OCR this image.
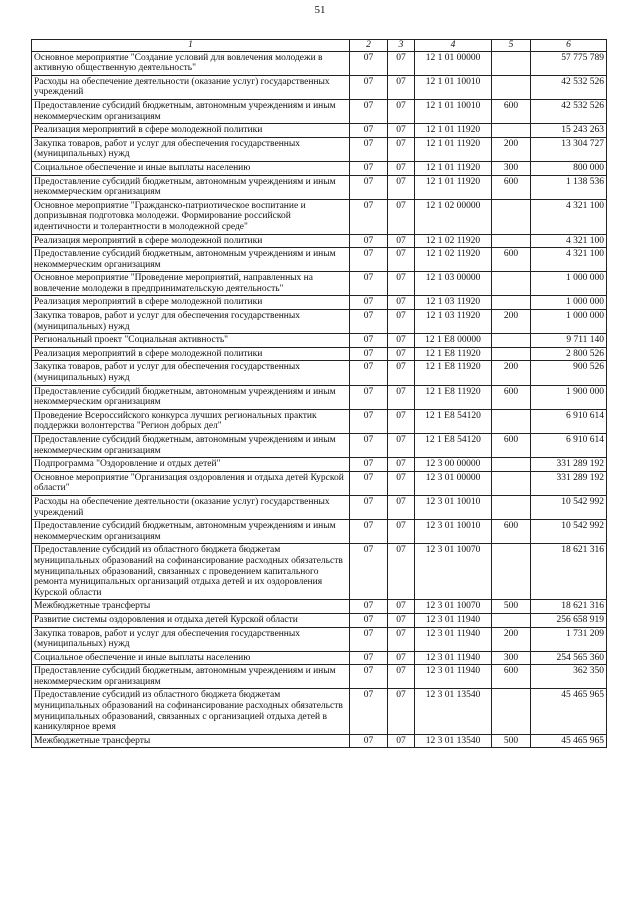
51
1	2	3	4	5	6
Основное мероприятие "Создание условий для вовлечения молодежи в активную общественную деятельность"	07	07	12 1 01 00000		57 775 789
Расходы на обеспечение деятельности (оказание услуг) государственных учреждений	07	07	12 1 01 10010		42 532 526
Предоставление субсидий бюджетным, автономным учреждениям и иным некоммерческим организациям	07	07	12 1 01 10010	600	42 532 526
Реализация мероприятий в сфере молодежной политики	07	07	12 1 01 11920		15 243 263
Закупка товаров, работ и услуг для обеспечения государственных (муниципальных) нужд	07	07	12 1 01 11920	200	13 304 727
Социальное обеспечение и иные выплаты населению	07	07	12 1 01 11920	300	800 000
Предоставление субсидий бюджетным, автономным учреждениям и иным некоммерческим организациям	07	07	12 1 01 11920	600	1 138 536
Основное мероприятие "Гражданско-патриотическое воспитание и допризывная подготовка молодежи. Формирование российской идентичности и толерантности в молодежной среде"	07	07	12 1 02 00000		4 321 100
Реализация мероприятий в сфере молодежной политики	07	07	12 1 02 11920		4 321 100
Предоставление субсидий бюджетным, автономным учреждениям и иным некоммерческим организациям	07	07	12 1 02 11920	600	4 321 100
Основное мероприятие "Проведение мероприятий, направленных на вовлечение молодежи в предпринимательскую деятельность"	07	07	12 1 03 00000		1 000 000
Реализация мероприятий в сфере молодежной политики	07	07	12 1 03 11920		1 000 000
Закупка товаров, работ и услуг для обеспечения государственных (муниципальных) нужд	07	07	12 1 03 11920	200	1 000 000
Региональный проект "Социальная активность"	07	07	12 1 E8 00000		9 711 140
Реализация мероприятий в сфере молодежной политики	07	07	12 1 E8 11920		2 800 526
Закупка товаров, работ и услуг для обеспечения государственных (муниципальных) нужд	07	07	12 1 E8 11920	200	900 526
Предоставление субсидий бюджетным, автономным учреждениям и иным некоммерческим организациям	07	07	12 1 E8 11920	600	1 900 000
Проведение Всероссийского конкурса лучших региональных практик поддержки волонтерства "Регион добрых дел"	07	07	12 1 E8 54120		6 910 614
Предоставление субсидий бюджетным, автономным учреждениям и иным некоммерческим организациям	07	07	12 1 E8 54120	600	6 910 614
Подпрограмма "Оздоровление и отдых детей"	07	07	12 3 00 00000		331 289 192
Основное мероприятие "Организация оздоровления и отдыха детей Курской области"	07	07	12 3 01 00000		331 289 192
Расходы на обеспечение деятельности (оказание услуг) государственных учреждений	07	07	12 3 01 10010		10 542 992
Предоставление субсидий бюджетным, автономным учреждениям и иным некоммерческим организациям	07	07	12 3 01 10010	600	10 542 992
Предоставление субсидий из областного бюджета бюджетам муниципальных образований на софинансирование расходных обязательств муниципальных образований, связанных с проведением капитального ремонта муниципальных организаций отдыха детей и их оздоровления Курской области	07	07	12 3 01 10070		18 621 316
Межбюджетные трансферты	07	07	12 3 01 10070	500	18 621 316
Развитие системы оздоровления и отдыха детей Курской области	07	07	12 3 01 11940		256 658 919
Закупка товаров, работ и услуг для обеспечения государственных (муниципальных) нужд	07	07	12 3 01 11940	200	1 731 209
Социальное обеспечение и иные выплаты населению	07	07	12 3 01 11940	300	254 565 360
Предоставление субсидий бюджетным, автономным учреждениям и иным некоммерческим организациям	07	07	12 3 01 11940	600	362 350
Предоставление субсидий из областного бюджета бюджетам муниципальных образований на софинансирование расходных обязательств муниципальных образований, связанных с организацией отдыха детей в каникулярное время	07	07	12 3 01 13540		45 465 965
Межбюджетные трансферты	07	07	12 3 01 13540	500	45 465 965
